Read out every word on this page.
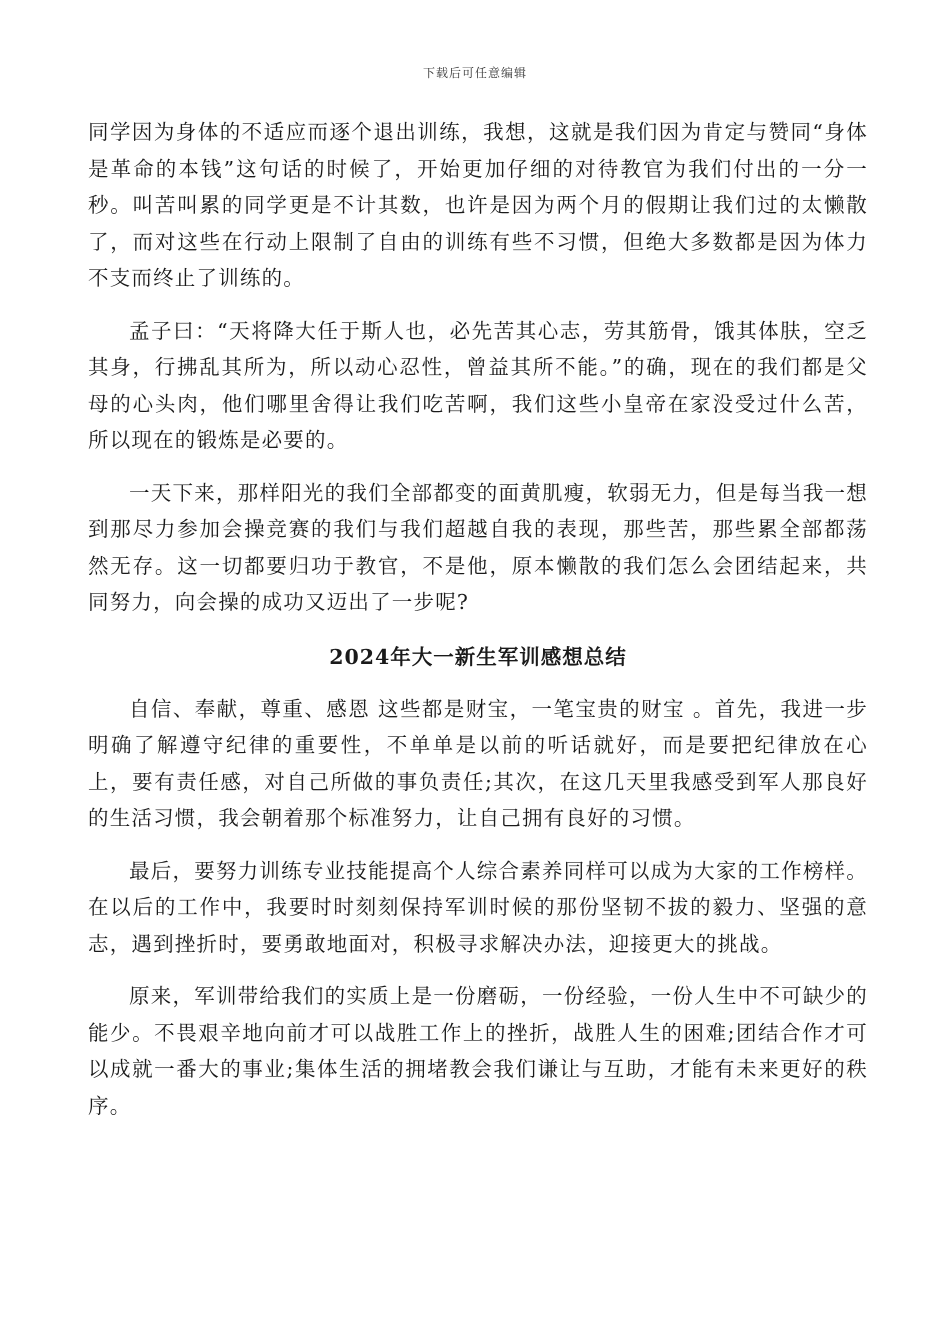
下载后可任意编辑

同学因为身体的不适应而逐个退出训练，我想，这就是我们因为肯定与赞同“身体是革命的本钱”这句话的时候了，开始更加仔细的对待教官为我们付出的一分一秒。叫苦叫累的同学更是不计其数，也许是因为两个月的假期让我们过的太懒散了，而对这些在行动上限制了自由的训练有些不习惯，但绝大多数都是因为体力不支而终止了训练的。

孟子曰：“天将降大任于斯人也，必先苦其心志，劳其筋骨，饿其体肤，空乏其身，行拂乱其所为，所以动心忍性，曾益其所不能。”的确，现在的我们都是父母的心头肉，他们哪里舍得让我们吃苦啊，我们这些小皇帝在家没受过什么苦，所以现在的锻炼是必要的。

一天下来，那样阳光的我们全部都变的面黄肌瘦，软弱无力，但是每当我一想到那尽力参加会操竞赛的我们与我们超越自我的表现，那些苦，那些累全部都荡然无存。这一切都要归功于教官，不是他，原本懒散的我们怎么会团结起来，共同努力，向会操的成功又迈出了一步呢?

2024年大一新生军训感想总结

自信、奉献，尊重、感恩 这些都是财宝，一笔宝贵的财宝 。首先，我进一步明确了解遵守纪律的重要性，不单单是以前的听话就好，而是要把纪律放在心上，要有责任感，对自己所做的事负责任;其次，在这几天里我感受到军人那良好的生活习惯，我会朝着那个标准努力，让自己拥有良好的习惯。

最后，要努力训练专业技能提高个人综合素养同样可以成为大家的工作榜样。在以后的工作中，我要时时刻刻保持军训时候的那份坚韧不拔的毅力、坚强的意志，遇到挫折时，要勇敢地面对，积极寻求解决办法，迎接更大的挑战。

原来，军训带给我们的实质上是一份磨砺，一份经验，一份人生中不可缺少的能少。不畏艰辛地向前才可以战胜工作上的挫折，战胜人生的困难;团结合作才可以成就一番大的事业;集体生活的拥堵教会我们谦让与互助，才能有未来更好的秩序。
